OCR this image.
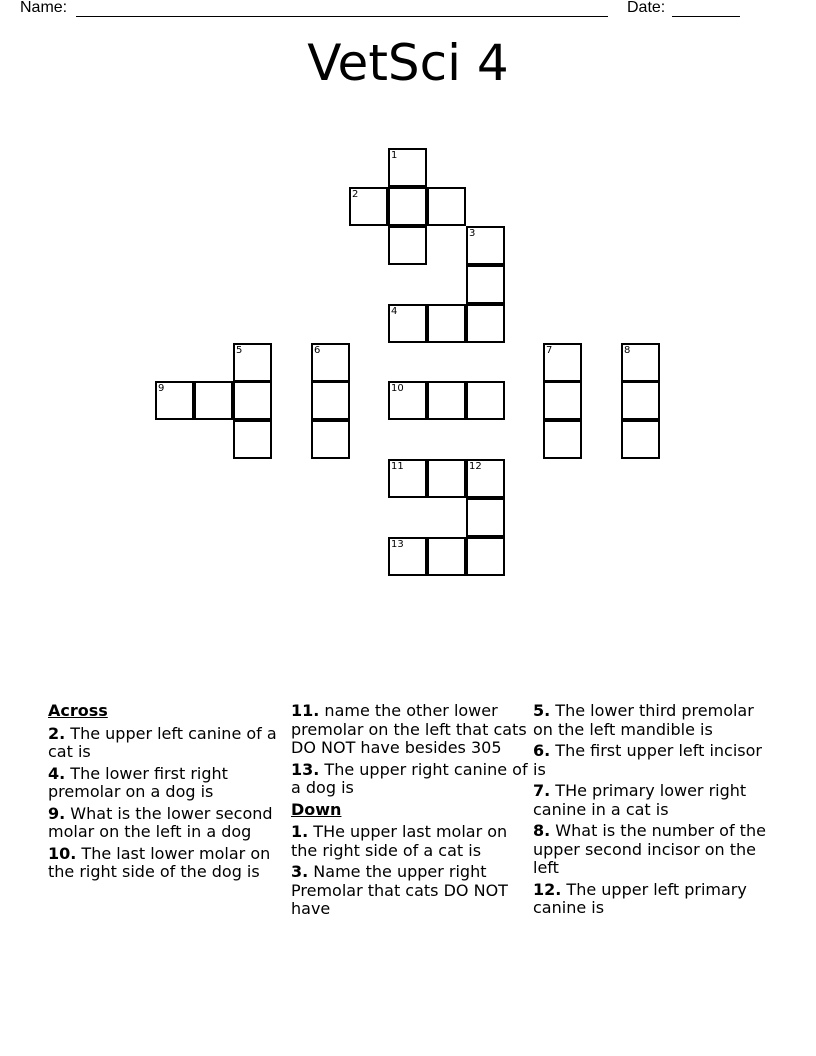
Name:	Date:
VetSci 4
1
2
3
4
5	6	7	8
9	10
11	12
13
Across
2. The upper left canine of a cat is
4. The lower first right premolar on a dog is
9. What is the lower second molar on the left in a dog
10. The last lower molar on the right side of the dog is
11. name the other lower premolar on the left that cats DO NOT have besides 305
13. The upper right canine of a dog is
Down
1. THe upper last molar on the right side of a cat is
3. Name the upper right Premolar that cats DO NOT have
5. The lower third premolar on the left mandible is
6. The first upper left incisor is
7. THe primary lower right canine in a cat is
8. What is the number of the upper second incisor on the left
12. The upper left primary canine is
